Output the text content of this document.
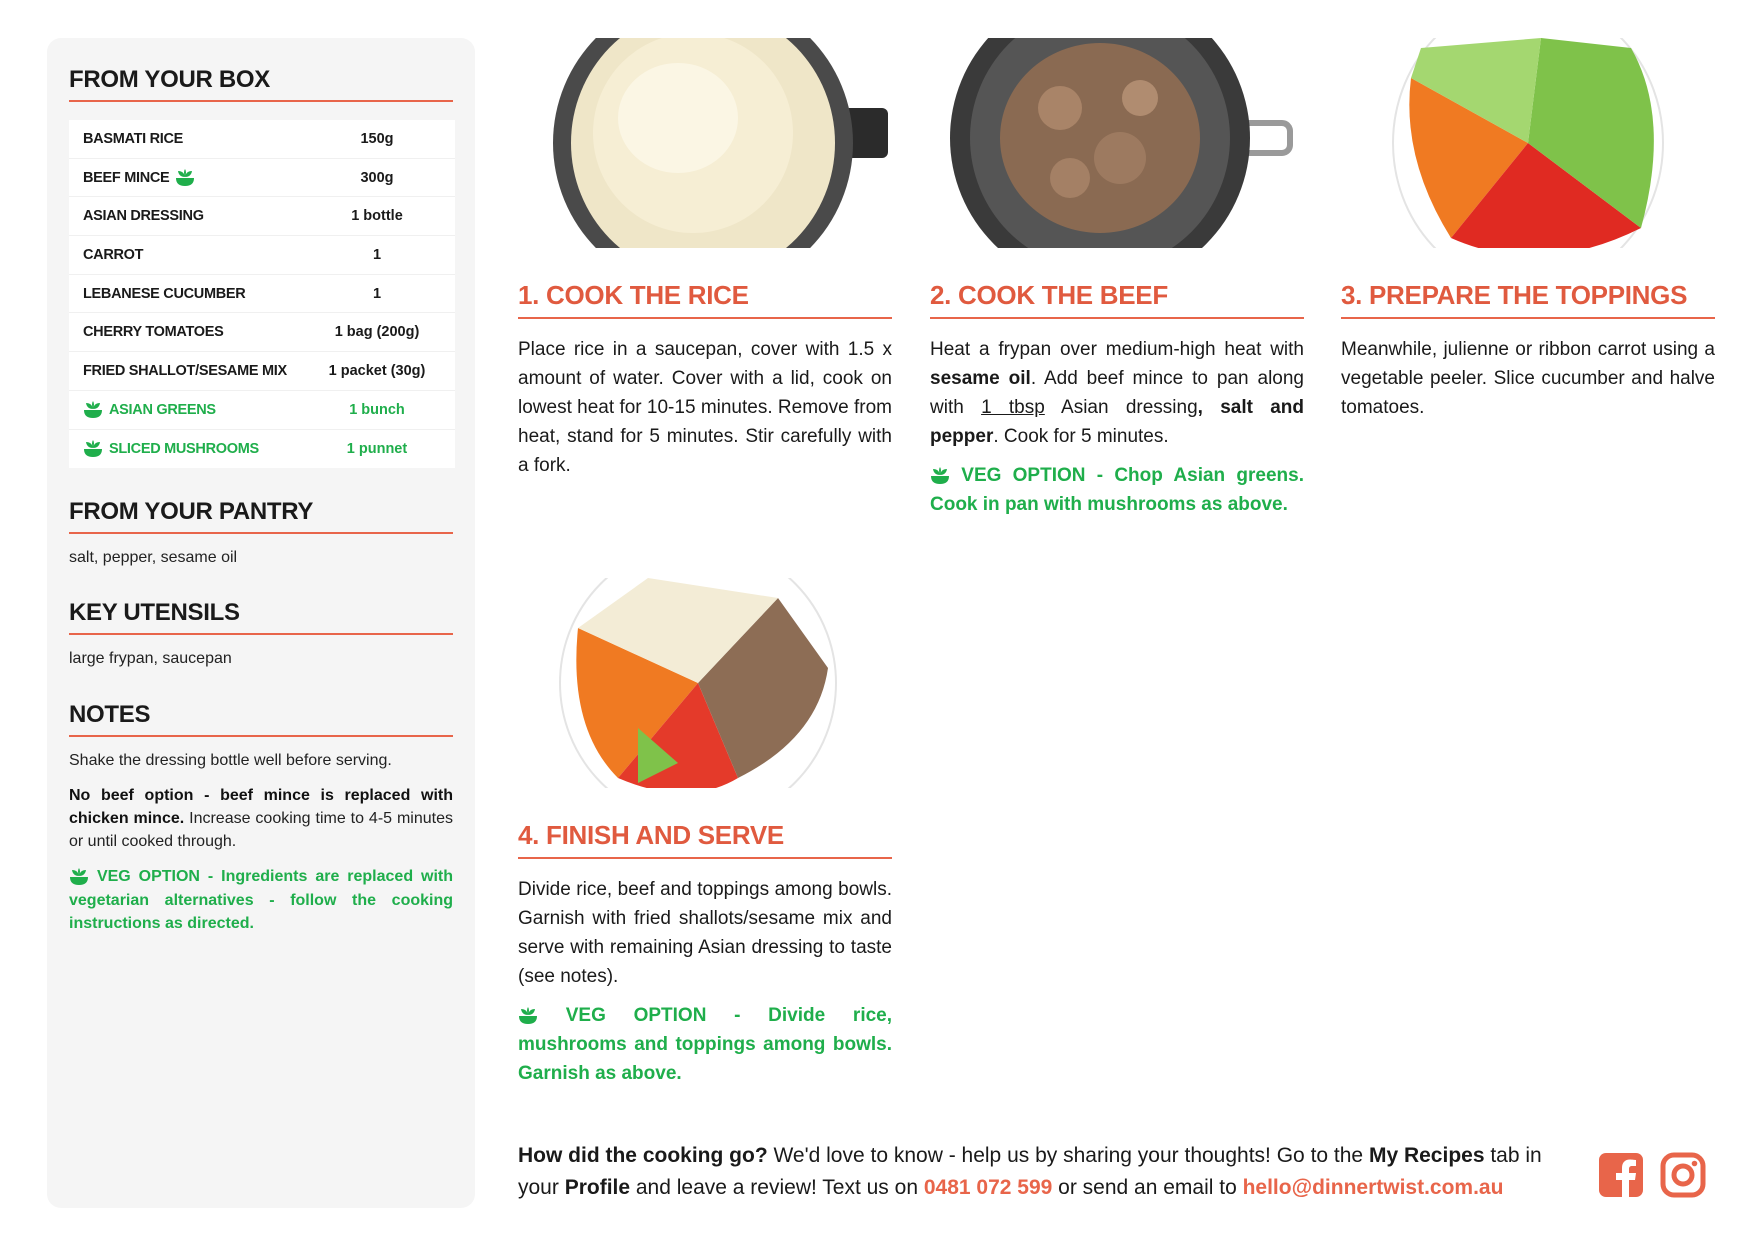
FROM YOUR BOX
BASMATI RICE	150g
BEEF MINCE	300g
ASIAN DRESSING	1 bottle
CARROT	1
LEBANESE CUCUMBER	1
CHERRY TOMATOES	1 bag (200g)
FRIED SHALLOT/SESAME MIX	1 packet (30g)
ASIAN GREENS	1 bunch
SLICED MUSHROOMS	1 punnet
FROM YOUR PANTRY
salt, pepper, sesame oil
KEY UTENSILS
large frypan, saucepan
NOTES
Shake the dressing bottle well before serving.
No beef option - beef mince is replaced with chicken mince. Increase cooking time to 4-5 minutes or until cooked through.
VEG OPTION - Ingredients are replaced with vegetarian alternatives - follow the cooking instructions as directed.
1. COOK THE RICE
Place rice in a saucepan, cover with 1.5 x amount of water. Cover with a lid, cook on lowest heat for 10-15 minutes. Remove from heat, stand for 5 minutes. Stir carefully with a fork.
2. COOK THE BEEF
Heat a frypan over medium-high heat with sesame oil. Add beef mince to pan along with 1 tbsp Asian dressing, salt and pepper. Cook for 5 minutes.
VEG OPTION - Chop Asian greens. Cook in pan with mushrooms as above.
3. PREPARE THE TOPPINGS
Meanwhile, julienne or ribbon carrot using a vegetable peeler. Slice cucumber and halve tomatoes.
4. FINISH AND SERVE
Divide rice, beef and toppings among bowls. Garnish with fried shallots/sesame mix and serve with remaining Asian dressing to taste (see notes).
VEG OPTION - Divide rice, mushrooms and toppings among bowls. Garnish as above.
How did the cooking go? We'd love to know - help us by sharing your thoughts! Go to the My Recipes tab in your Profile and leave a review! Text us on 0481 072 599 or send an email to hello@dinnertwist.com.au
